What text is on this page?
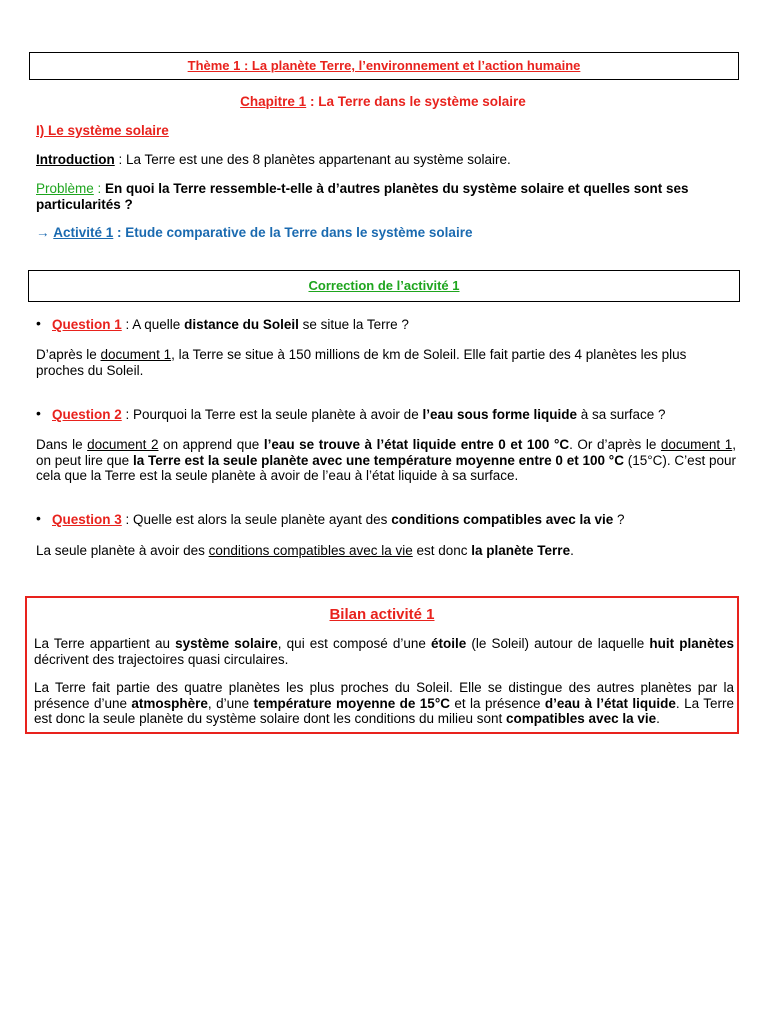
Thème 1 : La planète Terre, l’environnement et l’action humaine
Chapitre 1 : La Terre dans le système solaire
I) Le système solaire
Introduction : La Terre est une des 8 planètes appartenant au système solaire.
Problème : En quoi la Terre ressemble-t-elle à d’autres planètes du système solaire et quelles sont ses particularités ?
→ Activité 1 : Etude comparative de la Terre dans le système solaire
Correction de l’activité 1
• Question 1 : A quelle distance du Soleil se situe la Terre ?
D’après le document 1, la Terre se situe à 150 millions de km de Soleil. Elle fait partie des 4 planètes les plus proches du Soleil.
• Question 2 : Pourquoi la Terre est la seule planète à avoir de l’eau sous forme liquide à sa surface ?
Dans le document 2 on apprend que l’eau se trouve à l’état liquide entre 0 et 100 °C. Or d’après le document 1, on peut lire que la Terre est la seule planète avec une température moyenne entre 0 et 100 °C (15°C). C’est pour cela que la Terre est la seule planète à avoir de l’eau à l’état liquide à sa surface.
• Question 3 : Quelle est alors la seule planète ayant des conditions compatibles avec la vie ?
La seule planète à avoir des conditions compatibles avec la vie est donc la planète Terre.
Bilan activité 1
La Terre appartient au système solaire, qui est composé d’une étoile (le Soleil) autour de laquelle huit planètes décrivent des trajectoires quasi circulaires.
La Terre fait partie des quatre planètes les plus proches du Soleil. Elle se distingue des autres planètes par la présence d’une atmosphère, d’une température moyenne de 15°C et la présence d’eau à l’état liquide. La Terre est donc la seule planète du système solaire dont les conditions du milieu sont compatibles avec la vie.
